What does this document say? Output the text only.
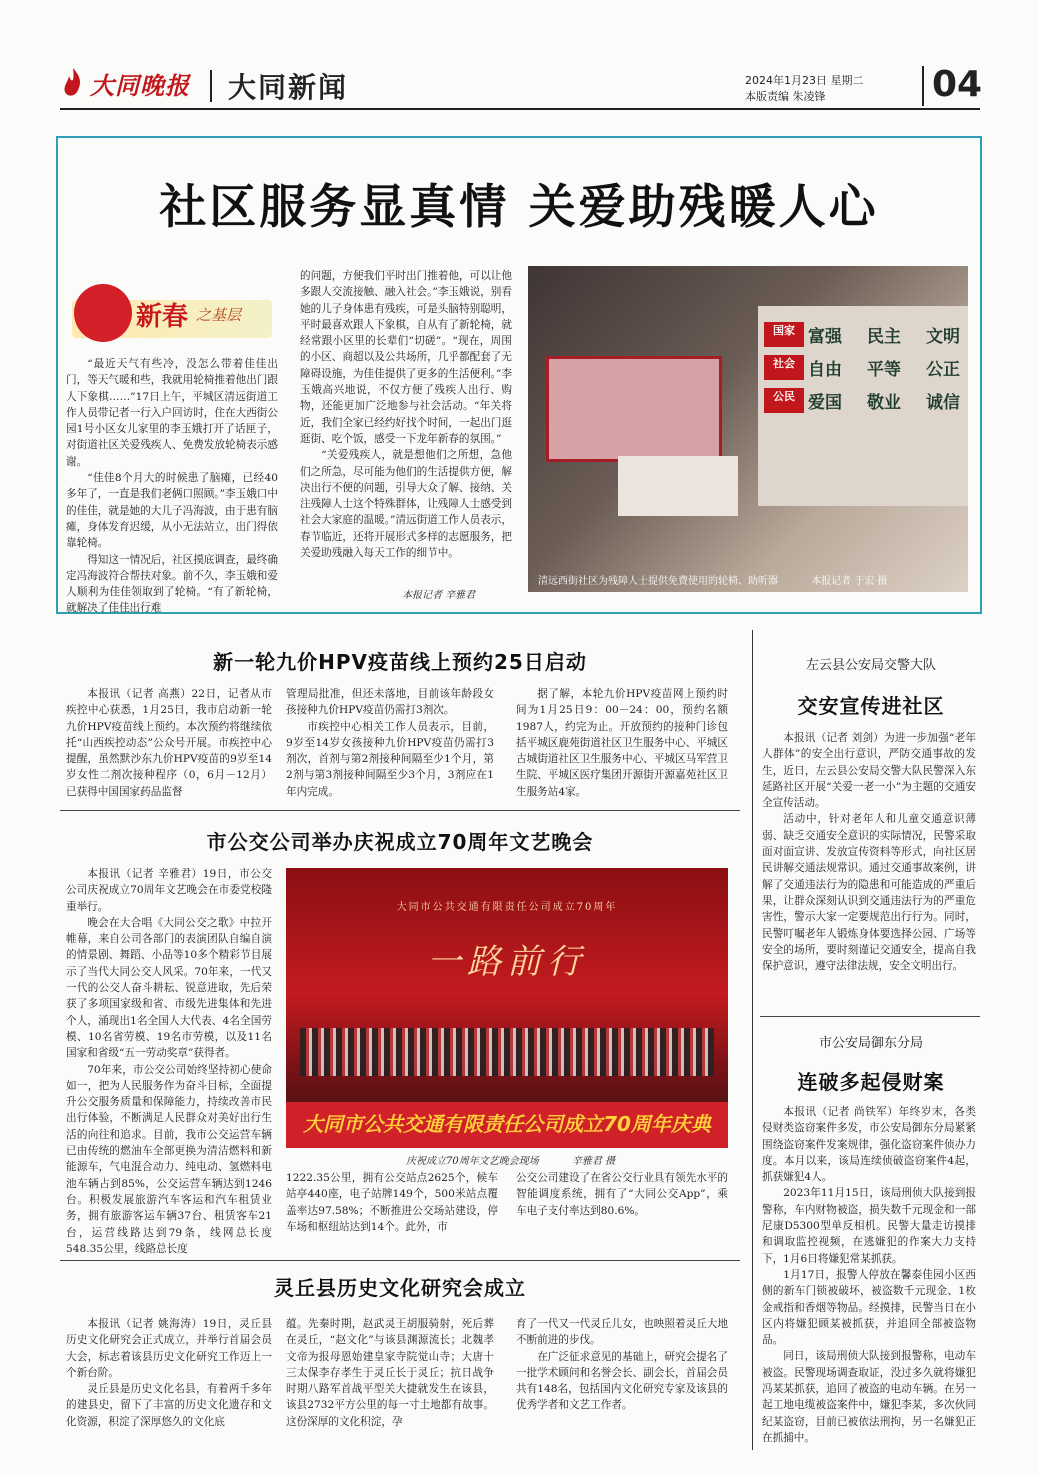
大同晚报 大同新闻	2024年1月23日 星期二
本版责编 朱凌锋	04
社区服务显真情 关爱助残暖人心
新春 之基层

“最近天气有些冷，没怎么带着佳佳出门，等天气暖和些，我就用轮椅推着他出门跟人下象棋……”17日上午，平城区清远街道工作人员带记者一行入户回访时，住在大西街公园1号小区女儿家里的李玉娥打开了话匣子，对街道社区关爱残疾人、免费发放轮椅表示感谢。

“佳佳8个月大的时候患了脑瘫，已经40多年了，一直是我们老俩口照顾。”李玉娥口中的佳佳，就是她的大儿子冯海波，由于患有脑瘫，身体发育迟缓，从小无法站立，出门得依靠轮椅。

得知这一情况后，社区摸底调查，最终确定冯海波符合帮扶对象。前不久，李玉娥和爱人顺利为佳佳领取到了轮椅。“有了新轮椅，就解决了佳佳出行难

的问题，方便我们平时出门推着他，可以让他多跟人交流接触、融入社会。”李玉娥说，别看她的儿子身体患有残疾，可是头脑特别聪明，平时最喜欢跟人下象棋，自从有了新轮椅，就经常跟小区里的长辈们“切磋”。“现在，周围的小区、商超以及公共场所，几乎都配套了无障碍设施，为佳佳提供了更多的生活便利。”李玉娥高兴地说，不仅方便了残疾人出行、购物，还能更加广泛地参与社会活动。“年关将近，我们全家已经约好找个时间，一起出门逛逛街、吃个饭，感受一下龙年新春的氛围。”

“关爱残疾人，就是想他们之所想，急他们之所急，尽可能为他们的生活提供方便，解决出行不便的问题，引导大众了解、接纳、关注残障人士这个特殊群体，让残障人士感受到社会大家庭的温暖。”清远街道工作人员表示，春节临近，还将开展形式多样的志愿服务，把关爱助残融入每天工作的细节中。

本报记者 辛雅君
国家 富强	民主	文明
社会 自由	平等	公正
公民 爱国	敬业	诚信
清远西街社区为残障人士提供免费使用的轮椅、助听器	本报记者 于宏 摄
新一轮九价HPV疫苗线上预约25日启动

本报讯（记者 高燕）22日，记者从市疾控中心获悉，1月25日，我市启动新一轮九价HPV疫苗线上预约。本次预约将继续依托“山西疾控动态”公众号开展。市疾控中心提醒，虽然默沙东九价HPV疫苗的9岁至14岁女性二剂次接种程序（0，6月－12月）已获得中国国家药品监督

管理局批准，但还未落地，目前该年龄段女孩接种九价HPV疫苗仍需打3剂次。

市疾控中心相关工作人员表示，目前，9岁至14岁女孩接种九价HPV疫苗仍需打3剂次，首剂与第2剂接种间隔至少1个月，第2剂与第3剂接种间隔至少3个月，3剂应在1年内完成。

据了解，本轮九价HPV疫苗网上预约时间为1月25日9：00－24：00，预约名额1987人，约完为止。开放预约的接种门诊包括平城区鹿苑街道社区卫生服务中心、平城区古城街道社区卫生服务中心、平城区马军营卫生院、平城区医疗集团开源街开源嘉苑社区卫生服务站4家。

市公交公司举办庆祝成立70周年文艺晚会

本报讯（记者 辛雅君）19日，市公交公司庆祝成立70周年文艺晚会在市委党校隆重举行。

晚会在大合唱《大同公交之歌》中拉开帷幕，来自公司各部门的表演团队自编自演的情景剧、舞蹈、小品等10多个精彩节目展示了当代大同公交人风采。70年来，一代又一代的公交人奋斗耕耘、锐意进取，先后荣获了多项国家级和省、市级先进集体和先进个人，涌现出1名全国人大代表、4名全国劳模、10名省劳模、19名市劳模，以及11名国家和省级“五一劳动奖章”获得者。

70年来，市公交公司始终坚持初心使命如一，把为人民服务作为奋斗目标，全面提升公交服务质量和保障能力，持续改善市民出行体验，不断满足人民群众对美好出行生活的向往和追求。目前，我市公交运营车辆已由传统的燃油车全部更换为清洁燃料和新能源车，气电混合动力、纯电动、氢燃料电池车辆占到85%，公交运营车辆达到1246台。积极发展旅游汽车客运和汽车租赁业务，拥有旅游客运车辆37台、租赁客车21台，运营线路达到79条，线网总长度548.35公里，线路总长度

大同市公共交通有限责任公司成立70周年
一路前行
大同市公共交通有限责任公司成立70周年庆典
庆祝成立70周年文艺晚会现场	辛雅君 摄

1222.35公里，拥有公交站点2625个，候车站亭440座，电子站牌149个，500米站点覆盖率达97.58%；不断推进公交场站建设，停车场和枢纽站达到14个。此外，市

公交公司建设了在省公交行业具有领先水平的智能调度系统，拥有了“大同公交App”，乘车电子支付率达到80.6%。

灵丘县历史文化研究会成立

本报讯（记者 姚海涛）19日，灵丘县历史文化研究会正式成立，并举行首届会员大会，标志着该县历史文化研究工作迈上一个新台阶。

灵丘县是历史文化名县，有着两千多年的建县史，留下了丰富的历史文化遗存和文化资源，积淀了深厚悠久的文化底

蕴。先秦时期，赵武灵王胡服骑射，死后葬在灵丘，“赵文化”与该县渊源流长；北魏孝文帝为报母恩始建皇家寺院觉山寺；大唐十三太保李存孝生于灵丘长于灵丘；抗日战争时期八路军首战平型关大捷就发生在该县，该县2732平方公里的每一寸土地都有故事。这份深厚的文化积淀，孕

育了一代又一代灵丘儿女，也映照着灵丘大地不断前进的步伐。

在广泛征求意见的基础上，研究会提名了一批学术顾问和名誉会长、副会长，首届会员共有148名，包括国内文化研究专家及该县的优秀学者和文艺工作者。

左云县公安局交警大队
交安宣传进社区

本报讯（记者 刘剑）为进一步加强“老年人群体”的安全出行意识，严防交通事故的发生，近日，左云县公安局交警大队民警深入东延路社区开展“关爱一老一小”为主题的交通安全宣传活动。

活动中，针对老年人和儿童交通意识薄弱、缺乏交通安全意识的实际情况，民警采取面对面宣讲、发放宣传资料等形式，向社区居民讲解交通法规常识。通过交通事故案例，讲解了交通违法行为的隐患和可能造成的严重后果，让群众深刻认识到交通违法行为的严重危害性，警示大家一定要规范出行行为。同时，民警叮嘱老年人锻炼身体要选择公园、广场等安全的场所，要时刻谨记交通安全，提高自我保护意识，遵守法律法规，安全文明出行。

市公安局御东分局
连破多起侵财案

本报讯（记者 尚铁军）年终岁末，各类侵财类盗窃案件多发，市公安局御东分局紧紧围绕盗窃案件发案规律，强化盗窃案件侦办力度。本月以来，该局连续侦破盗窃案件4起，抓获嫌犯4人。

2023年11月15日，该局刑侦大队接到报警称，车内财物被盗，损失数千元现金和一部尼康D5300型单反相机。民警大量走访摸排和调取监控视频，在逃嫌犯的作案大力支持下，1月6日将嫌犯常某抓获。

1月17日，报警人停放在馨泰佳园小区西侧的新车门锁被破坏，被盗数千元现金、1枚金戒指和香烟等物品。经摸排，民警当日在小区内将嫌犯顾某被抓获，并追回全部被盗物品。

同日，该局刑侦大队接到报警称，电动车被盗。民警现场调查取证，没过多久就将嫌犯冯某某抓获，追回了被盗的电动车辆。在另一起工地电缆被盗案件中，嫌犯李某，多次伙同纪某盗窃，目前已被依法刑拘，另一名嫌犯正在抓捕中。
